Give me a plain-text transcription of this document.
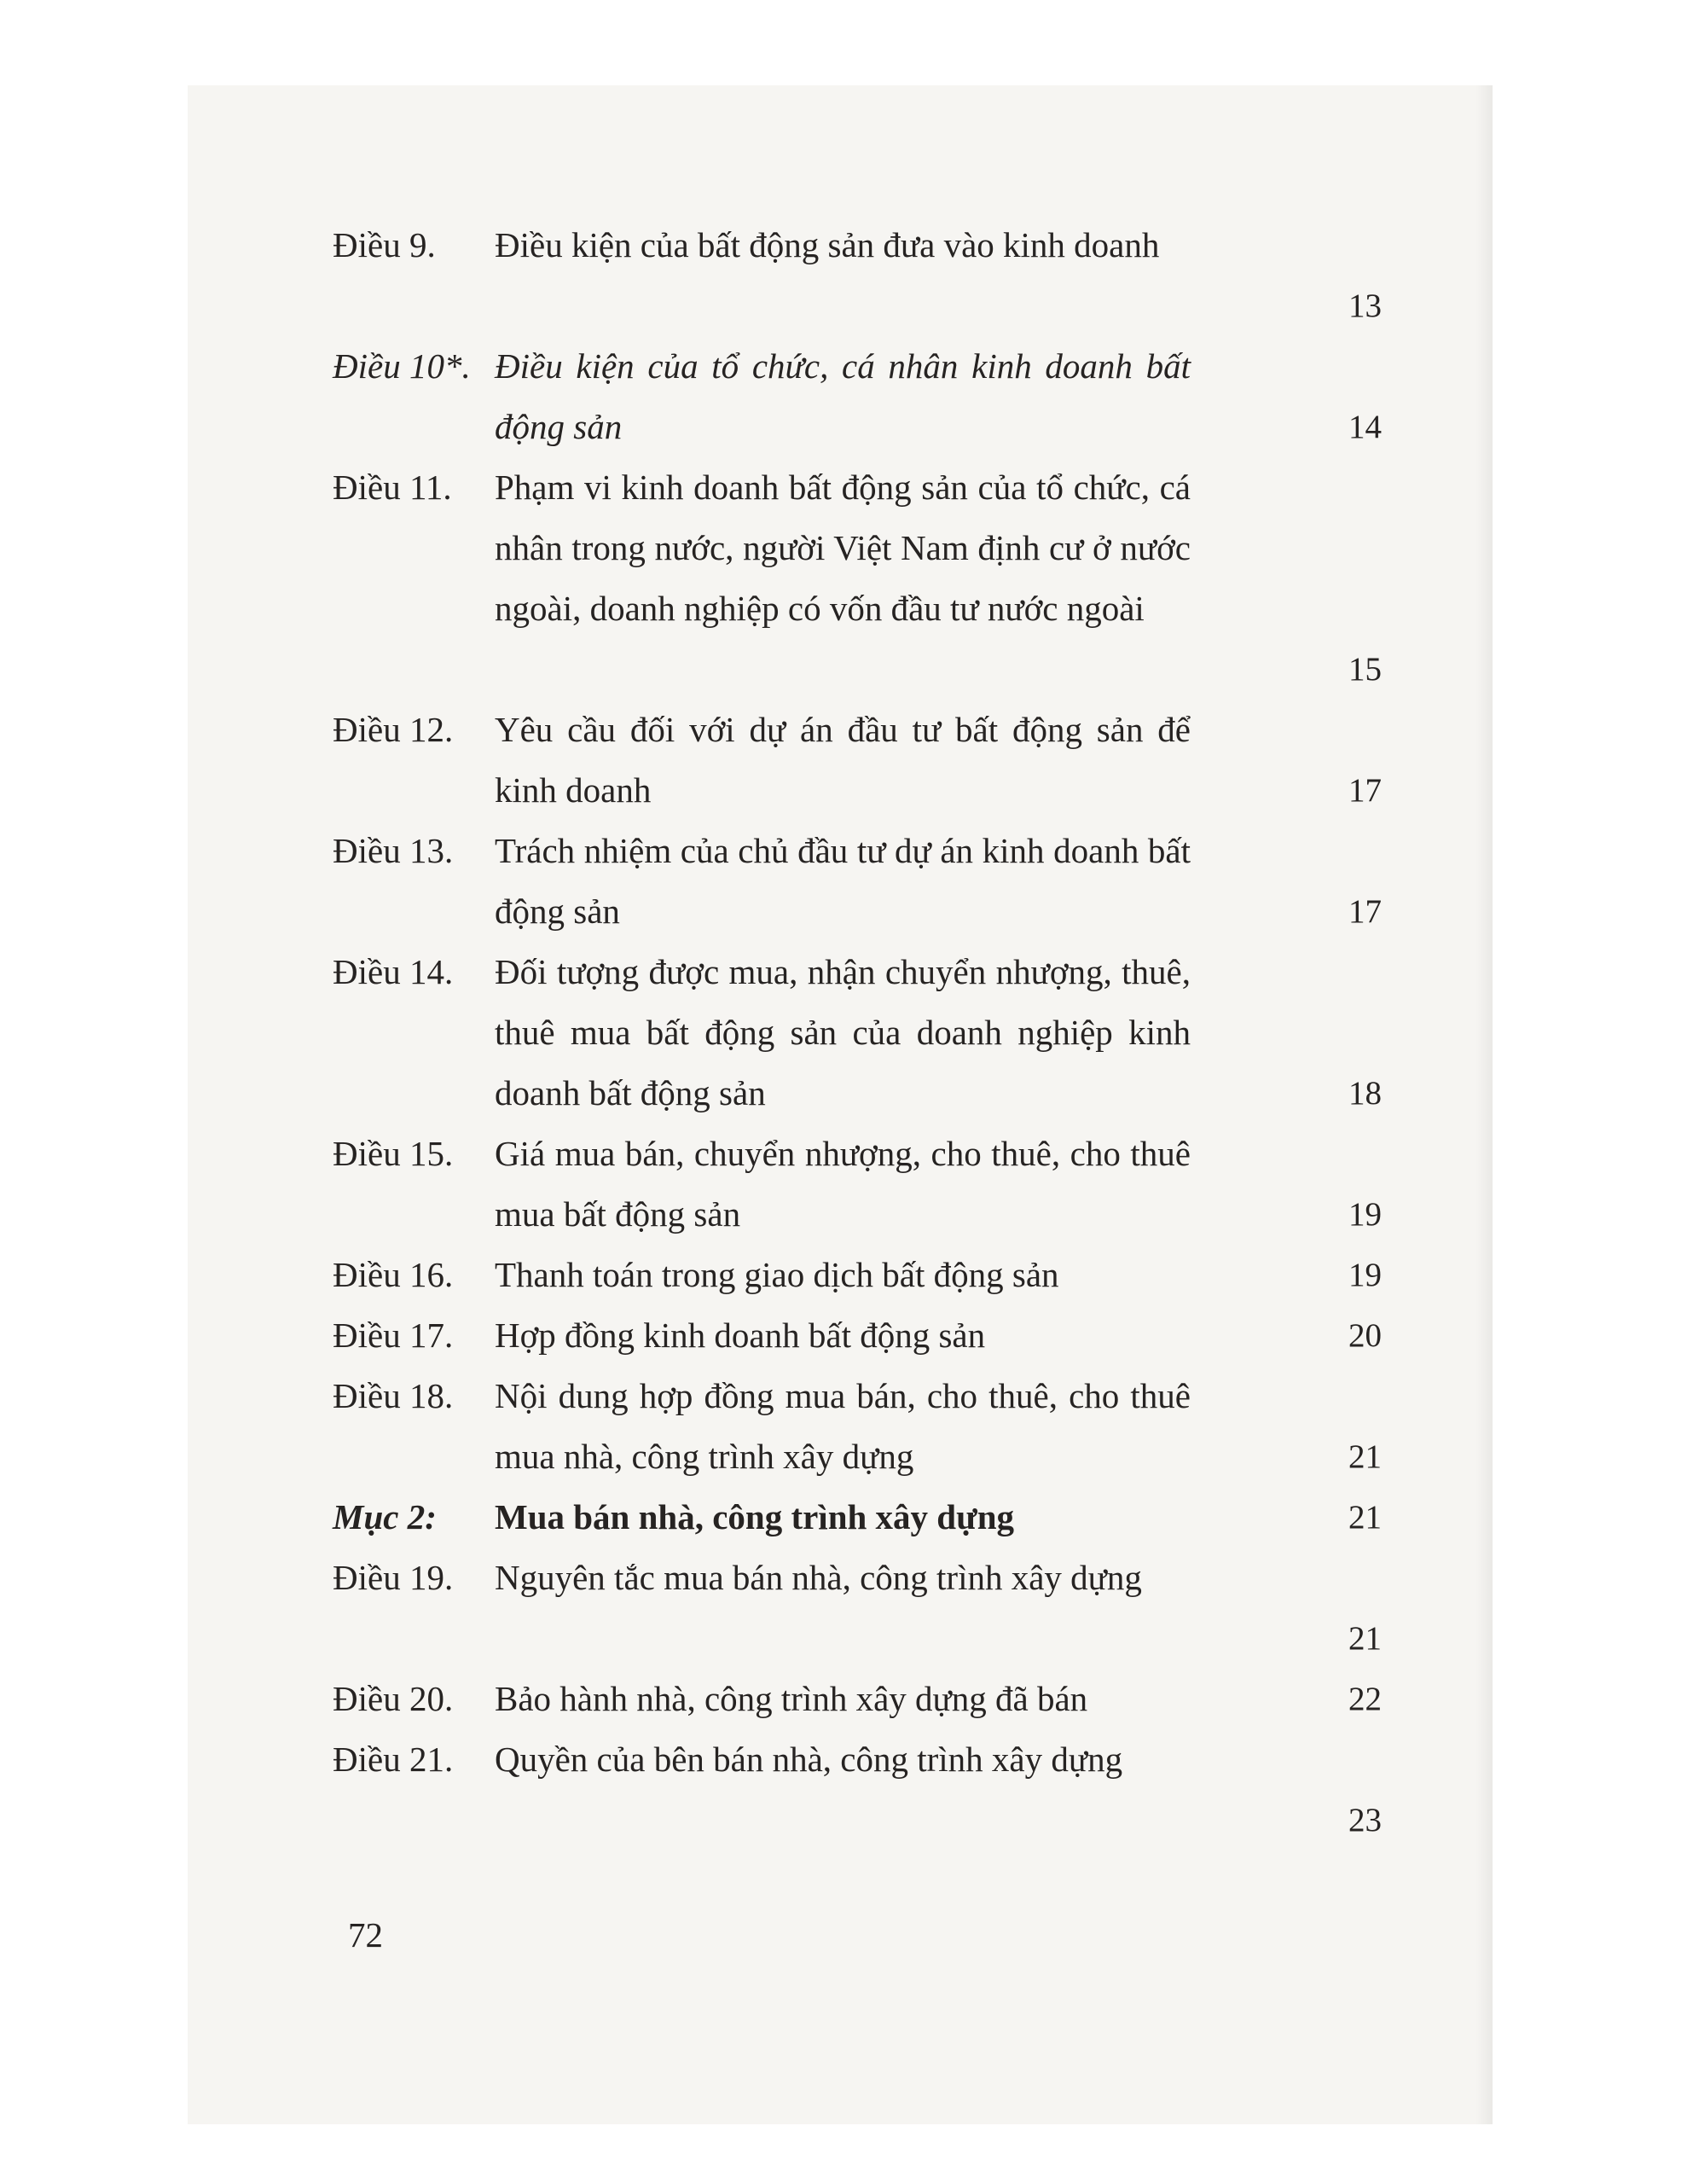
Điều 9.	Điều kiện của bất động sản đưa vào kinh doanh
13
Điều 10*. Điều kiện của tổ chức, cá nhân kinh doanh bất động sản	14
Điều 11.	Phạm vi kinh doanh bất động sản của tổ chức, cá nhân trong nước, người Việt Nam định cư ở nước ngoài, doanh nghiệp có vốn đầu tư nước ngoài
15
Điều 12.	Yêu cầu đối với dự án đầu tư bất động sản để kinh doanh	17
Điều 13.	Trách nhiệm của chủ đầu tư dự án kinh doanh bất động sản	17
Điều 14.	Đối tượng được mua, nhận chuyển nhượng, thuê, thuê mua bất động sản của doanh nghiệp kinh doanh bất động sản	18
Điều 15.	Giá mua bán, chuyển nhượng, cho thuê, cho thuê mua bất động sản	19
Điều 16.	Thanh toán trong giao dịch bất động sản	19
Điều 17.	Hợp đồng kinh doanh bất động sản	20
Điều 18.	Nội dung hợp đồng mua bán, cho thuê, cho thuê mua nhà, công trình xây dựng	21
Mục 2:	Mua bán nhà, công trình xây dựng	21
Điều 19.	Nguyên tắc mua bán nhà, công trình xây dựng
21
Điều 20.	Bảo hành nhà, công trình xây dựng đã bán	22
Điều 21.	Quyền của bên bán nhà, công trình xây dựng
23
72
